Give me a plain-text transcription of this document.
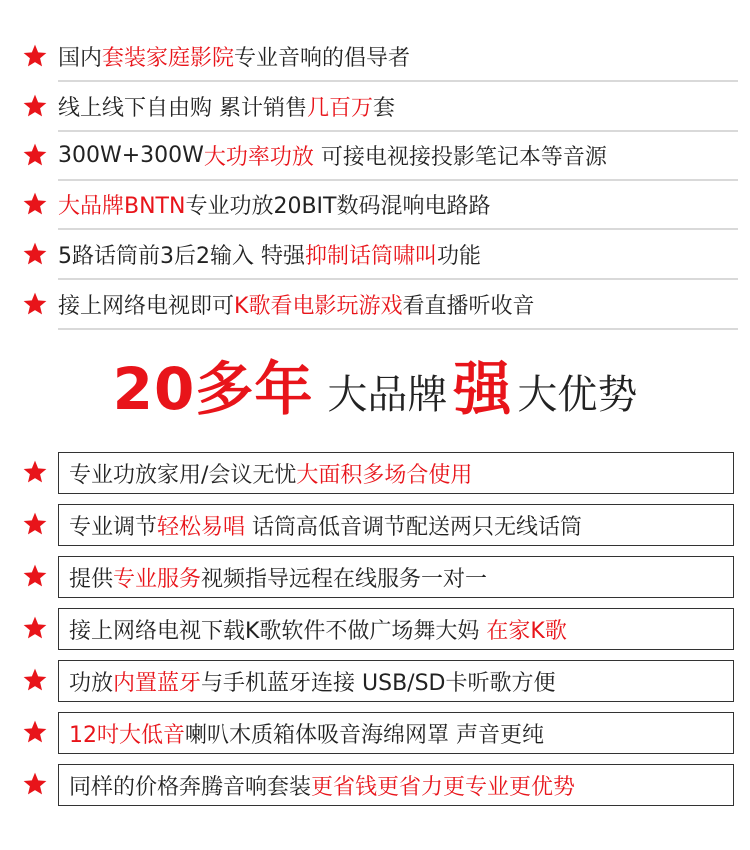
国内 套装家庭影院 专业音响的倡导者
线上线下自由购 累计销售 几百万 套
300W+300W 大功率功放 可接电视接投影笔记本等音源
大品牌BNTN 专业功放20BIT数码混响电路路
5路话筒前3后2输入 特强 抑制话筒啸叫 功能
接上网络电视即可 K歌看电影玩游戏 看直播听收音
20多年 大品牌 强 大优势
专业功放家用/会议无忧 大面积多场合使用
专业调节 轻松易唱 话筒高低音调节配送两只无线话筒
提供 专业服务 视频指导远程在线服务一对一
接上网络电视下载K歌软件不做广场舞大妈 在家K歌
功放 内置蓝牙 与手机蓝牙连接 USB/SD卡听歌方便
12吋大低音 喇叭木质箱体吸音海绵网罩 声音更纯
同样的价格奔腾音响套装 更省钱更省力更专业更优势
